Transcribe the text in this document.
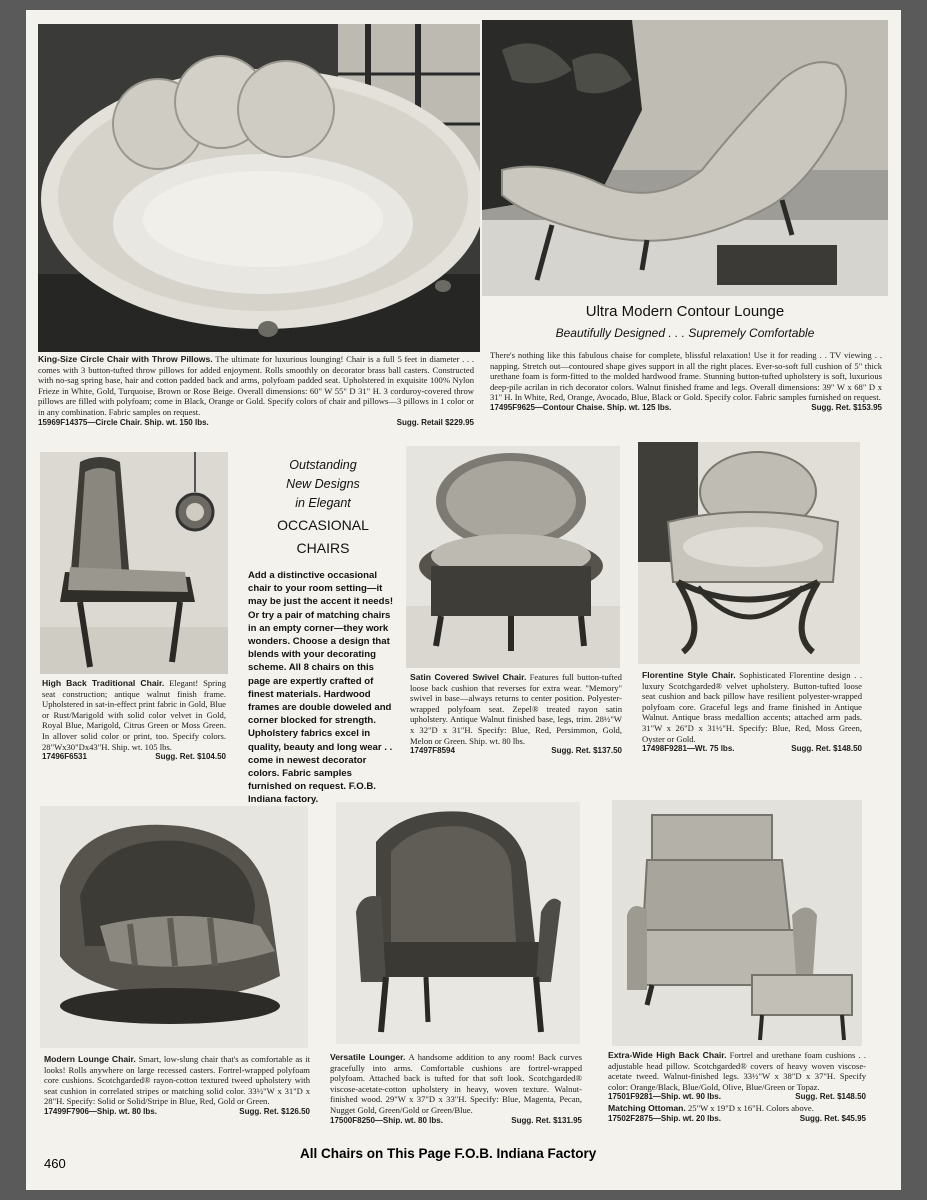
King-Size Circle Chair with Throw Pillows. The ultimate for luxurious lounging! Chair is a full 5 feet in diameter . . . comes with 3 button-tufted throw pillows for added enjoyment. Rolls smoothly on decorator brass ball casters. Constructed with no-sag spring base, hair and cotton padded back and arms, polyfoam padded seat. Upholstered in exquisite 100% Nylon Frieze in White, Gold, Turquoise, Brown or Rose Beige. Overall dimensions: 60" W 55" D 31" H. 3 corduroy-covered throw pillows are filled with polyfoam; come in Black, Orange or Gold. Specify colors of chair and pillows—3 pillows in 1 color or in any combination. Fabric samples on request.
15969F14375—Circle Chair. Ship. wt. 150 lbs.	Sugg. Retail $229.95
Ultra Modern Contour Lounge
Beautifully Designed . . . Supremely Comfortable
There's nothing like this fabulous chaise for complete, blissful relaxation! Use it for reading . . TV viewing . . napping. Stretch out—contoured shape gives support in all the right places. Ever-so-soft full cushion of 5" thick urethane foam is form-fitted to the molded hardwood frame. Stunning button-tufted upholstery is soft, luxurious deep-pile acrilan in rich decorator colors. Walnut finished frame and legs. Overall dimensions: 39" W x 68" D x 31" H. In White, Red, Orange, Avocado, Blue, Black or Gold. Specify color. Fabric samples furnished on request.
17495F9625—Contour Chaise. Ship. wt. 125 lbs.	Sugg. Ret. $153.95
Outstanding
New Designs
in Elegant
OCCASIONAL
CHAIRS
Add a distinctive occasional chair to your room setting—it may be just the accent it needs! Or try a pair of matching chairs in an empty corner—they work wonders. Choose a design that blends with your decorating scheme. All 8 chairs on this page are expertly crafted of finest materials. Hardwood frames are double doweled and corner blocked for strength. Upholstery fabrics excel in quality, beauty and long wear . . come in newest decorator colors. Fabric samples furnished on request. F.O.B. Indiana factory.
High Back Traditional Chair. Elegant! Spring seat construction; antique walnut finish frame. Upholstered in sat-in-effect print fabric in Gold, Blue or Rust/Marigold with solid color velvet in Gold, Royal Blue, Marigold, Citrus Green or Moss Green. In allover solid color or print, too. Specify colors. 28"Wx30"Dx43"H. Ship. wt. 105 lbs.
17496F6531	Sugg. Ret. $104.50
Satin Covered Swivel Chair. Features full button-tufted loose back cushion that reverses for extra wear. "Memory" swivel in base—always returns to center position. Polyester-wrapped polyfoam seat. Zepel® treated rayon satin upholstery. Antique Walnut finished base, legs, trim. 28½"W x 32"D x 31"H. Specify: Blue, Red, Persimmon, Gold, Melon or Green. Ship. wt. 80 lbs.
17497F8594	Sugg. Ret. $137.50
Florentine Style Chair. Sophisticated Florentine design . . luxury Scotchgarded® velvet upholstery. Button-tufted loose seat cushion and back pillow have resilient polyester-wrapped polyfoam core. Graceful legs and frame finished in Antique Walnut. Antique brass medallion accents; attached arm pads. 31"W x 26"D x 31½"H. Specify: Blue, Red, Moss Green, Oyster or Gold.
17498F9281—Wt. 75 lbs.	Sugg. Ret. $148.50
Modern Lounge Chair. Smart, low-slung chair that's as comfortable as it looks! Rolls anywhere on large recessed casters. Fortrel-wrapped polyfoam core cushions. Scotchgarded® rayon-cotton textured tweed upholstery with seat cushion in correlated stripes or matching solid color. 33½"W x 31"D x 28"H. Specify: Solid or Solid/Stripe in Blue, Red, Gold or Green.
17499F7906—Ship. wt. 80 lbs.	Sugg. Ret. $126.50
Versatile Lounger. A handsome addition to any room! Back curves gracefully into arms. Comfortable cushions are fortrel-wrapped polyfoam. Attached back is tufted for that soft look. Scotchgarded® viscose-acetate-cotton upholstery in heavy, woven texture. Walnut-finished wood. 29"W x 37"D x 33"H. Specify: Blue, Magenta, Pecan, Nugget Gold, Green/Gold or Green/Blue.
17500F8250—Ship. wt. 80 lbs.	Sugg. Ret. $131.95
Extra-Wide High Back Chair. Fortrel and urethane foam cushions . . adjustable head pillow. Scotchgarded® covers of heavy woven viscose-acetate tweed. Walnut-finished legs. 33½"W x 38"D x 37"H. Specify color: Orange/Black, Blue/Gold, Olive, Blue/Green or Topaz.
17501F9281—Ship. wt. 90 lbs.	Sugg. Ret. $148.50
Matching Ottoman. 25"W x 19"D x 16"H. Colors above.
17502F2875—Ship. wt. 20 lbs.	Sugg. Ret. $45.95
460
All Chairs on This Page F.O.B. Indiana Factory
